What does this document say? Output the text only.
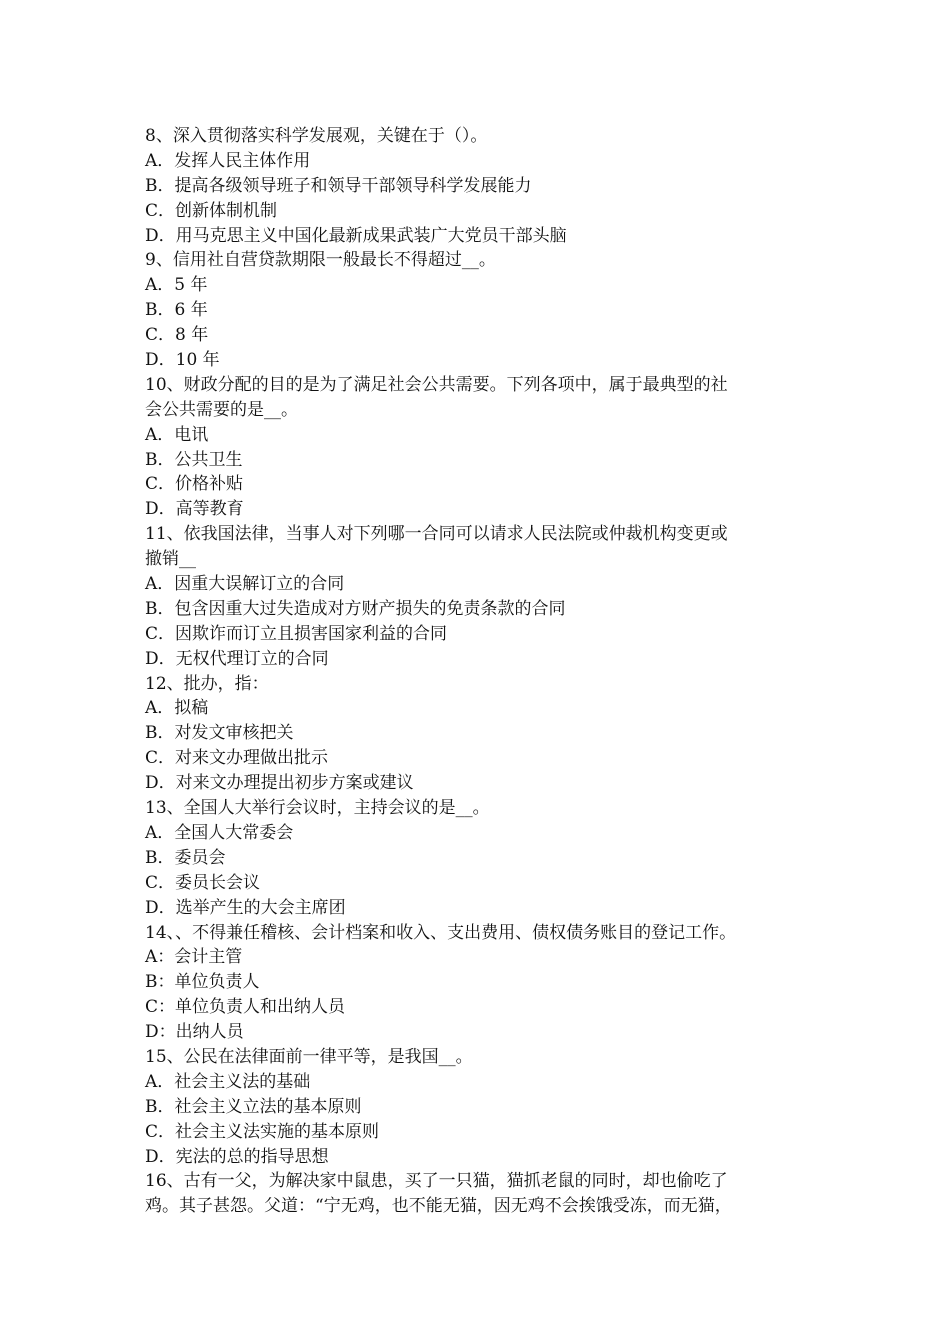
8、深入贯彻落实科学发展观，关键在于（）。
A．发挥人民主体作用
B．提高各级领导班子和领导干部领导科学发展能力
C．创新体制机制
D．用马克思主义中国化最新成果武装广大党员干部头脑
9、信用社自营贷款期限一般最长不得超过__。
A．5 年
B．6 年
C．8 年
D．10 年
10、财政分配的目的是为了满足社会公共需要。下列各项中，属于最典型的社
会公共需要的是__。
A．电讯
B．公共卫生
C．价格补贴
D．高等教育
11、依我国法律，当事人对下列哪一合同可以请求人民法院或仲裁机构变更或
撤销__
A．因重大误解订立的合同
B．包含因重大过失造成对方财产损失的免责条款的合同
C．因欺诈而订立且损害国家利益的合同
D．无权代理订立的合同
12、批办，指：
A．拟稿
B．对发文审核把关
C．对来文办理做出批示
D．对来文办理提出初步方案或建议
13、全国人大举行会议时，主持会议的是__。
A．全国人大常委会
B．委员会
C．委员长会议
D．选举产生的大会主席团
14、、不得兼任稽核、会计档案和收入、支出费用、债权债务账目的登记工作。
A：会计主管
B：单位负责人
C：单位负责人和出纳人员
D：出纳人员
15、公民在法律面前一律平等，是我国__。
A．社会主义法的基础
B．社会主义立法的基本原则
C．社会主义法实施的基本原则
D．宪法的总的指导思想
16、古有一父，为解决家中鼠患，买了一只猫，猫抓老鼠的同时，却也偷吃了
鸡。其子甚怨。父道：“宁无鸡，也不能无猫，因无鸡不会挨饿受冻，而无猫，
